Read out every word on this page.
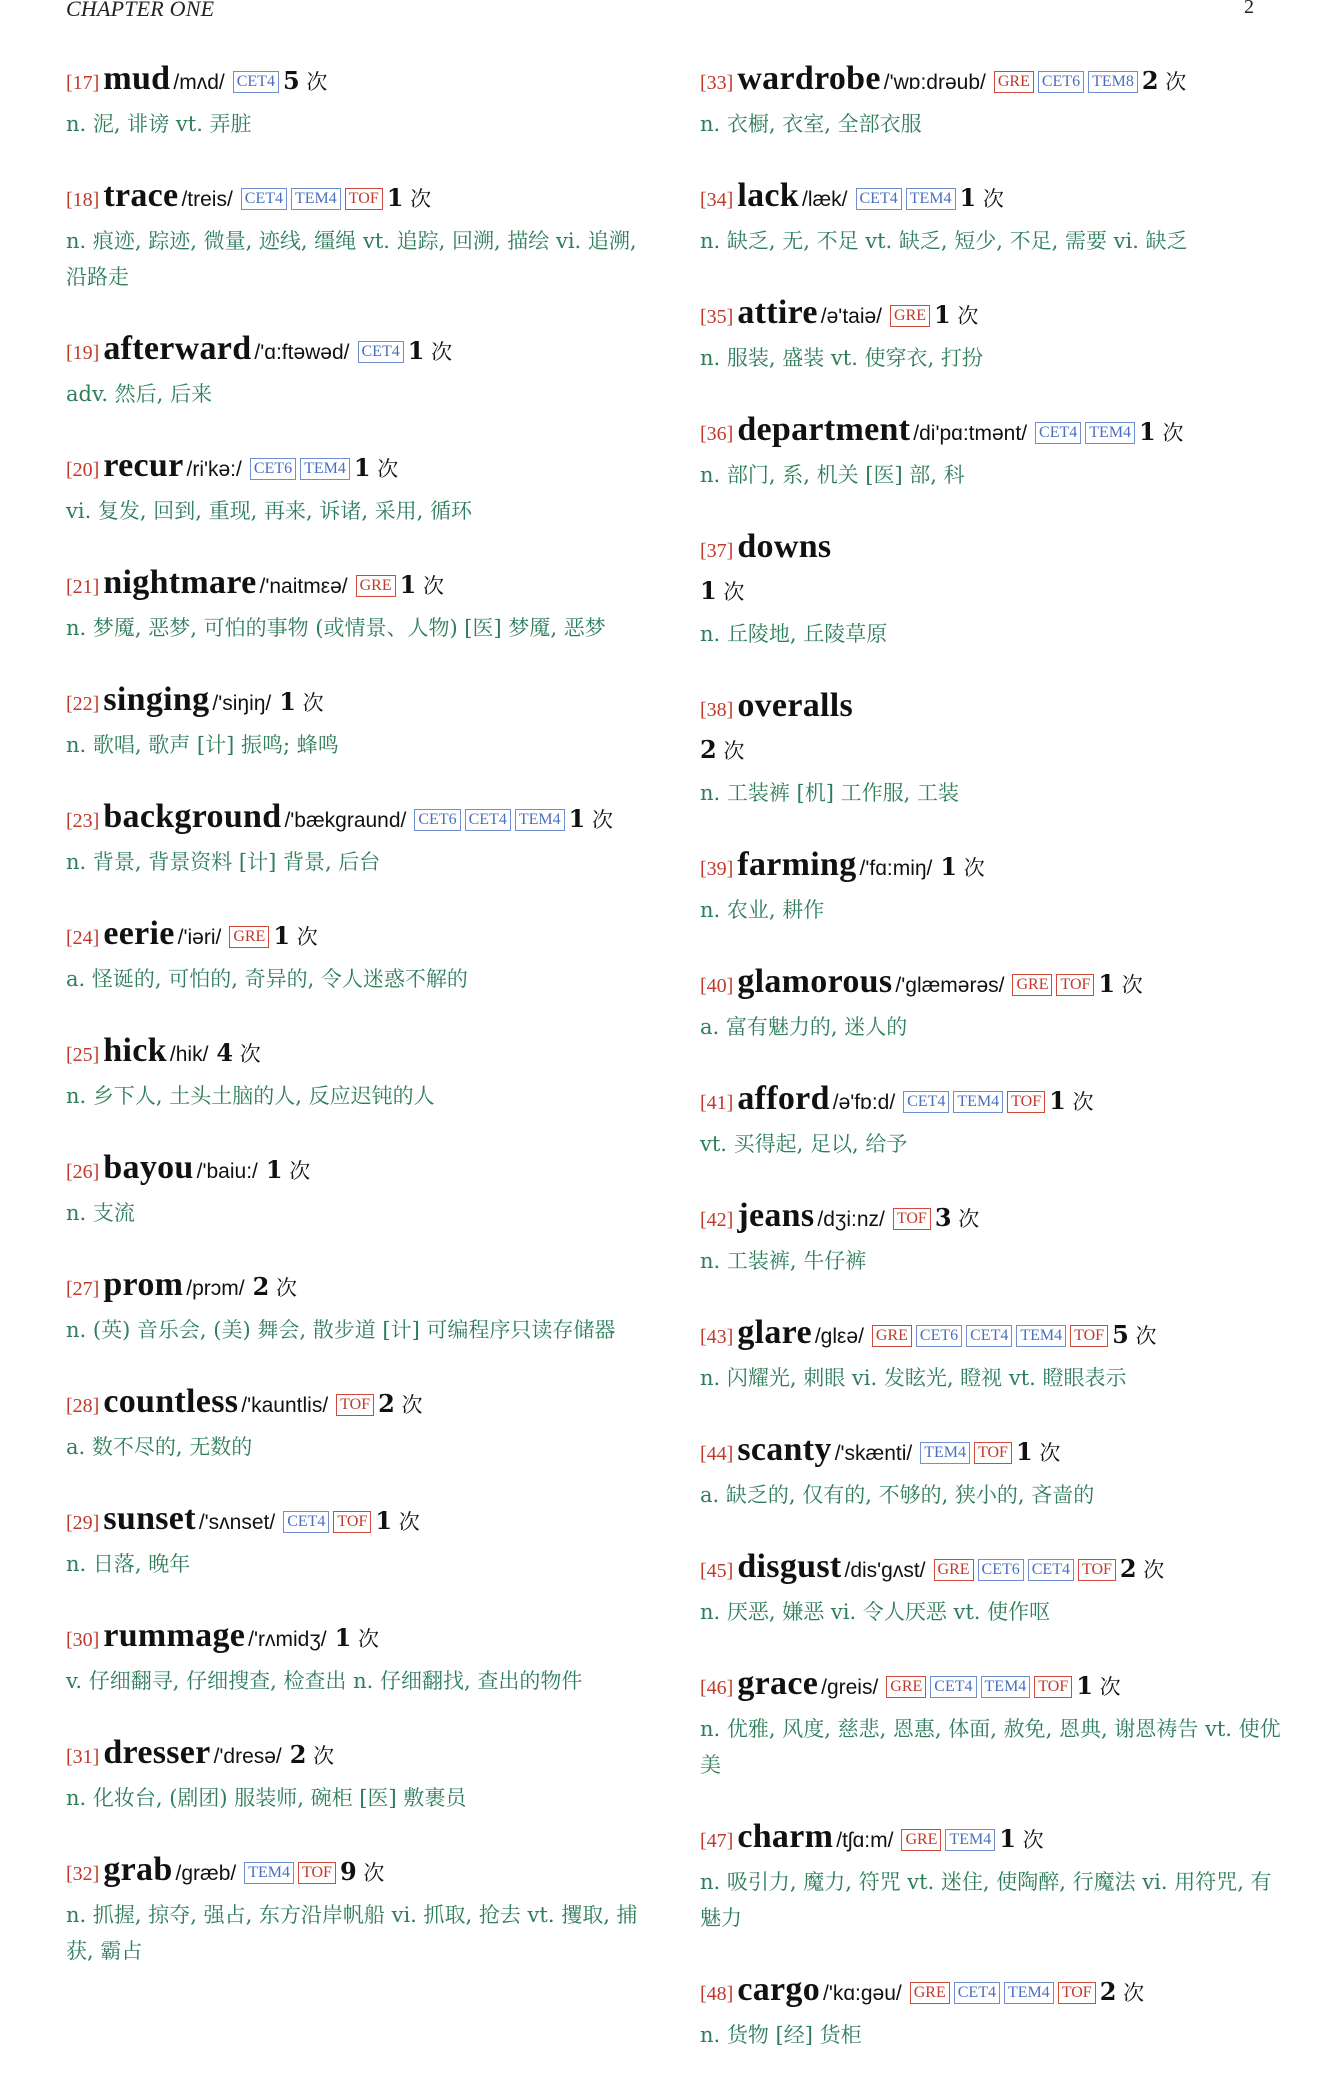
CHAPTER ONE	2
[17] mud /mʌd/ CET4 5 次
n. 泥, 诽谤 vt. 弄脏
[18] trace /treis/ CET4 TEM4 TOF 1 次
n. 痕迹, 踪迹, 微量, 迹线, 缰绳 vt. 追踪, 回溯, 描绘 vi. 追溯, 沿路走
[19] afterward /'ɑ:ftəwəd/ CET4 1 次
adv. 然后, 后来
[20] recur /ri'kə:/ CET6 TEM4 1 次
vi. 复发, 回到, 重现, 再来, 诉诸, 采用, 循环
[21] nightmare /'naitmεə/ GRE 1 次
n. 梦魇, 恶梦, 可怕的事物 (或情景、人物) [医] 梦魇, 恶梦
[22] singing /'siŋiŋ/ 1 次
n. 歌唱, 歌声 [计] 振鸣; 蜂鸣
[23] background /'bækgraund/ CET6 CET4 TEM4 1 次
n. 背景, 背景资料 [计] 背景, 后台
[24] eerie /'iəri/ GRE 1 次
a. 怪诞的, 可怕的, 奇异的, 令人迷惑不解的
[25] hick /hik/ 4 次
n. 乡下人, 土头土脑的人, 反应迟钝的人
[26] bayou /'baiu:/ 1 次
n. 支流
[27] prom /prɔm/ 2 次
n. (英) 音乐会, (美) 舞会, 散步道 [计] 可编程序只读存储器
[28] countless /'kauntlis/ TOF 2 次
a. 数不尽的, 无数的
[29] sunset /'sʌnset/ CET4 TOF 1 次
n. 日落, 晚年
[30] rummage /'rʌmidʒ/ 1 次
v. 仔细翻寻, 仔细搜查, 检查出 n. 仔细翻找, 查出的物件
[31] dresser /'dresə/ 2 次
n. 化妆台, (剧团) 服装师, 碗柜 [医] 敷裹员
[32] grab /græb/ TEM4 TOF 9 次
n. 抓握, 掠夺, 强占, 东方沿岸帆船 vi. 抓取, 抢去 vt. 攫取, 捕获, 霸占
[33] wardrobe /'wɒ:drəub/ GRE CET6 TEM8 2 次
n. 衣橱, 衣室, 全部衣服
[34] lack /læk/ CET4 TEM4 1 次
n. 缺乏, 无, 不足 vt. 缺乏, 短少, 不足, 需要 vi. 缺乏
[35] attire /ə'taiə/ GRE 1 次
n. 服装, 盛装 vt. 使穿衣, 打扮
[36] department /di'pɑ:tmənt/ CET4 TEM4 1 次
n. 部门, 系, 机关 [医] 部, 科
[37] downs
1 次
n. 丘陵地, 丘陵草原
[38] overalls
2 次
n. 工装裤 [机] 工作服, 工装
[39] farming /'fɑ:miŋ/ 1 次
n. 农业, 耕作
[40] glamorous /'glæmərəs/ GRE TOF 1 次
a. 富有魅力的, 迷人的
[41] afford /ə'fɒ:d/ CET4 TEM4 TOF 1 次
vt. 买得起, 足以, 给予
[42] jeans /dʒi:nz/ TOF 3 次
n. 工装裤, 牛仔裤
[43] glare /glεə/ GRE CET6 CET4 TEM4 TOF 5 次
n. 闪耀光, 刺眼 vi. 发眩光, 瞪视 vt. 瞪眼表示
[44] scanty /'skænti/ TEM4 TOF 1 次
a. 缺乏的, 仅有的, 不够的, 狭小的, 吝啬的
[45] disgust /dis'gʌst/ GRE CET6 CET4 TOF 2 次
n. 厌恶, 嫌恶 vi. 令人厌恶 vt. 使作呕
[46] grace /greis/ GRE CET4 TEM4 TOF 1 次
n. 优雅, 风度, 慈悲, 恩惠, 体面, 赦免, 恩典, 谢恩祷告 vt. 使优美
[47] charm /tʃɑ:m/ GRE TEM4 1 次
n. 吸引力, 魔力, 符咒 vt. 迷住, 使陶醉, 行魔法 vi. 用符咒, 有魅力
[48] cargo /'kɑ:gəu/ GRE CET4 TEM4 TOF 2 次
n. 货物 [经] 货柜
